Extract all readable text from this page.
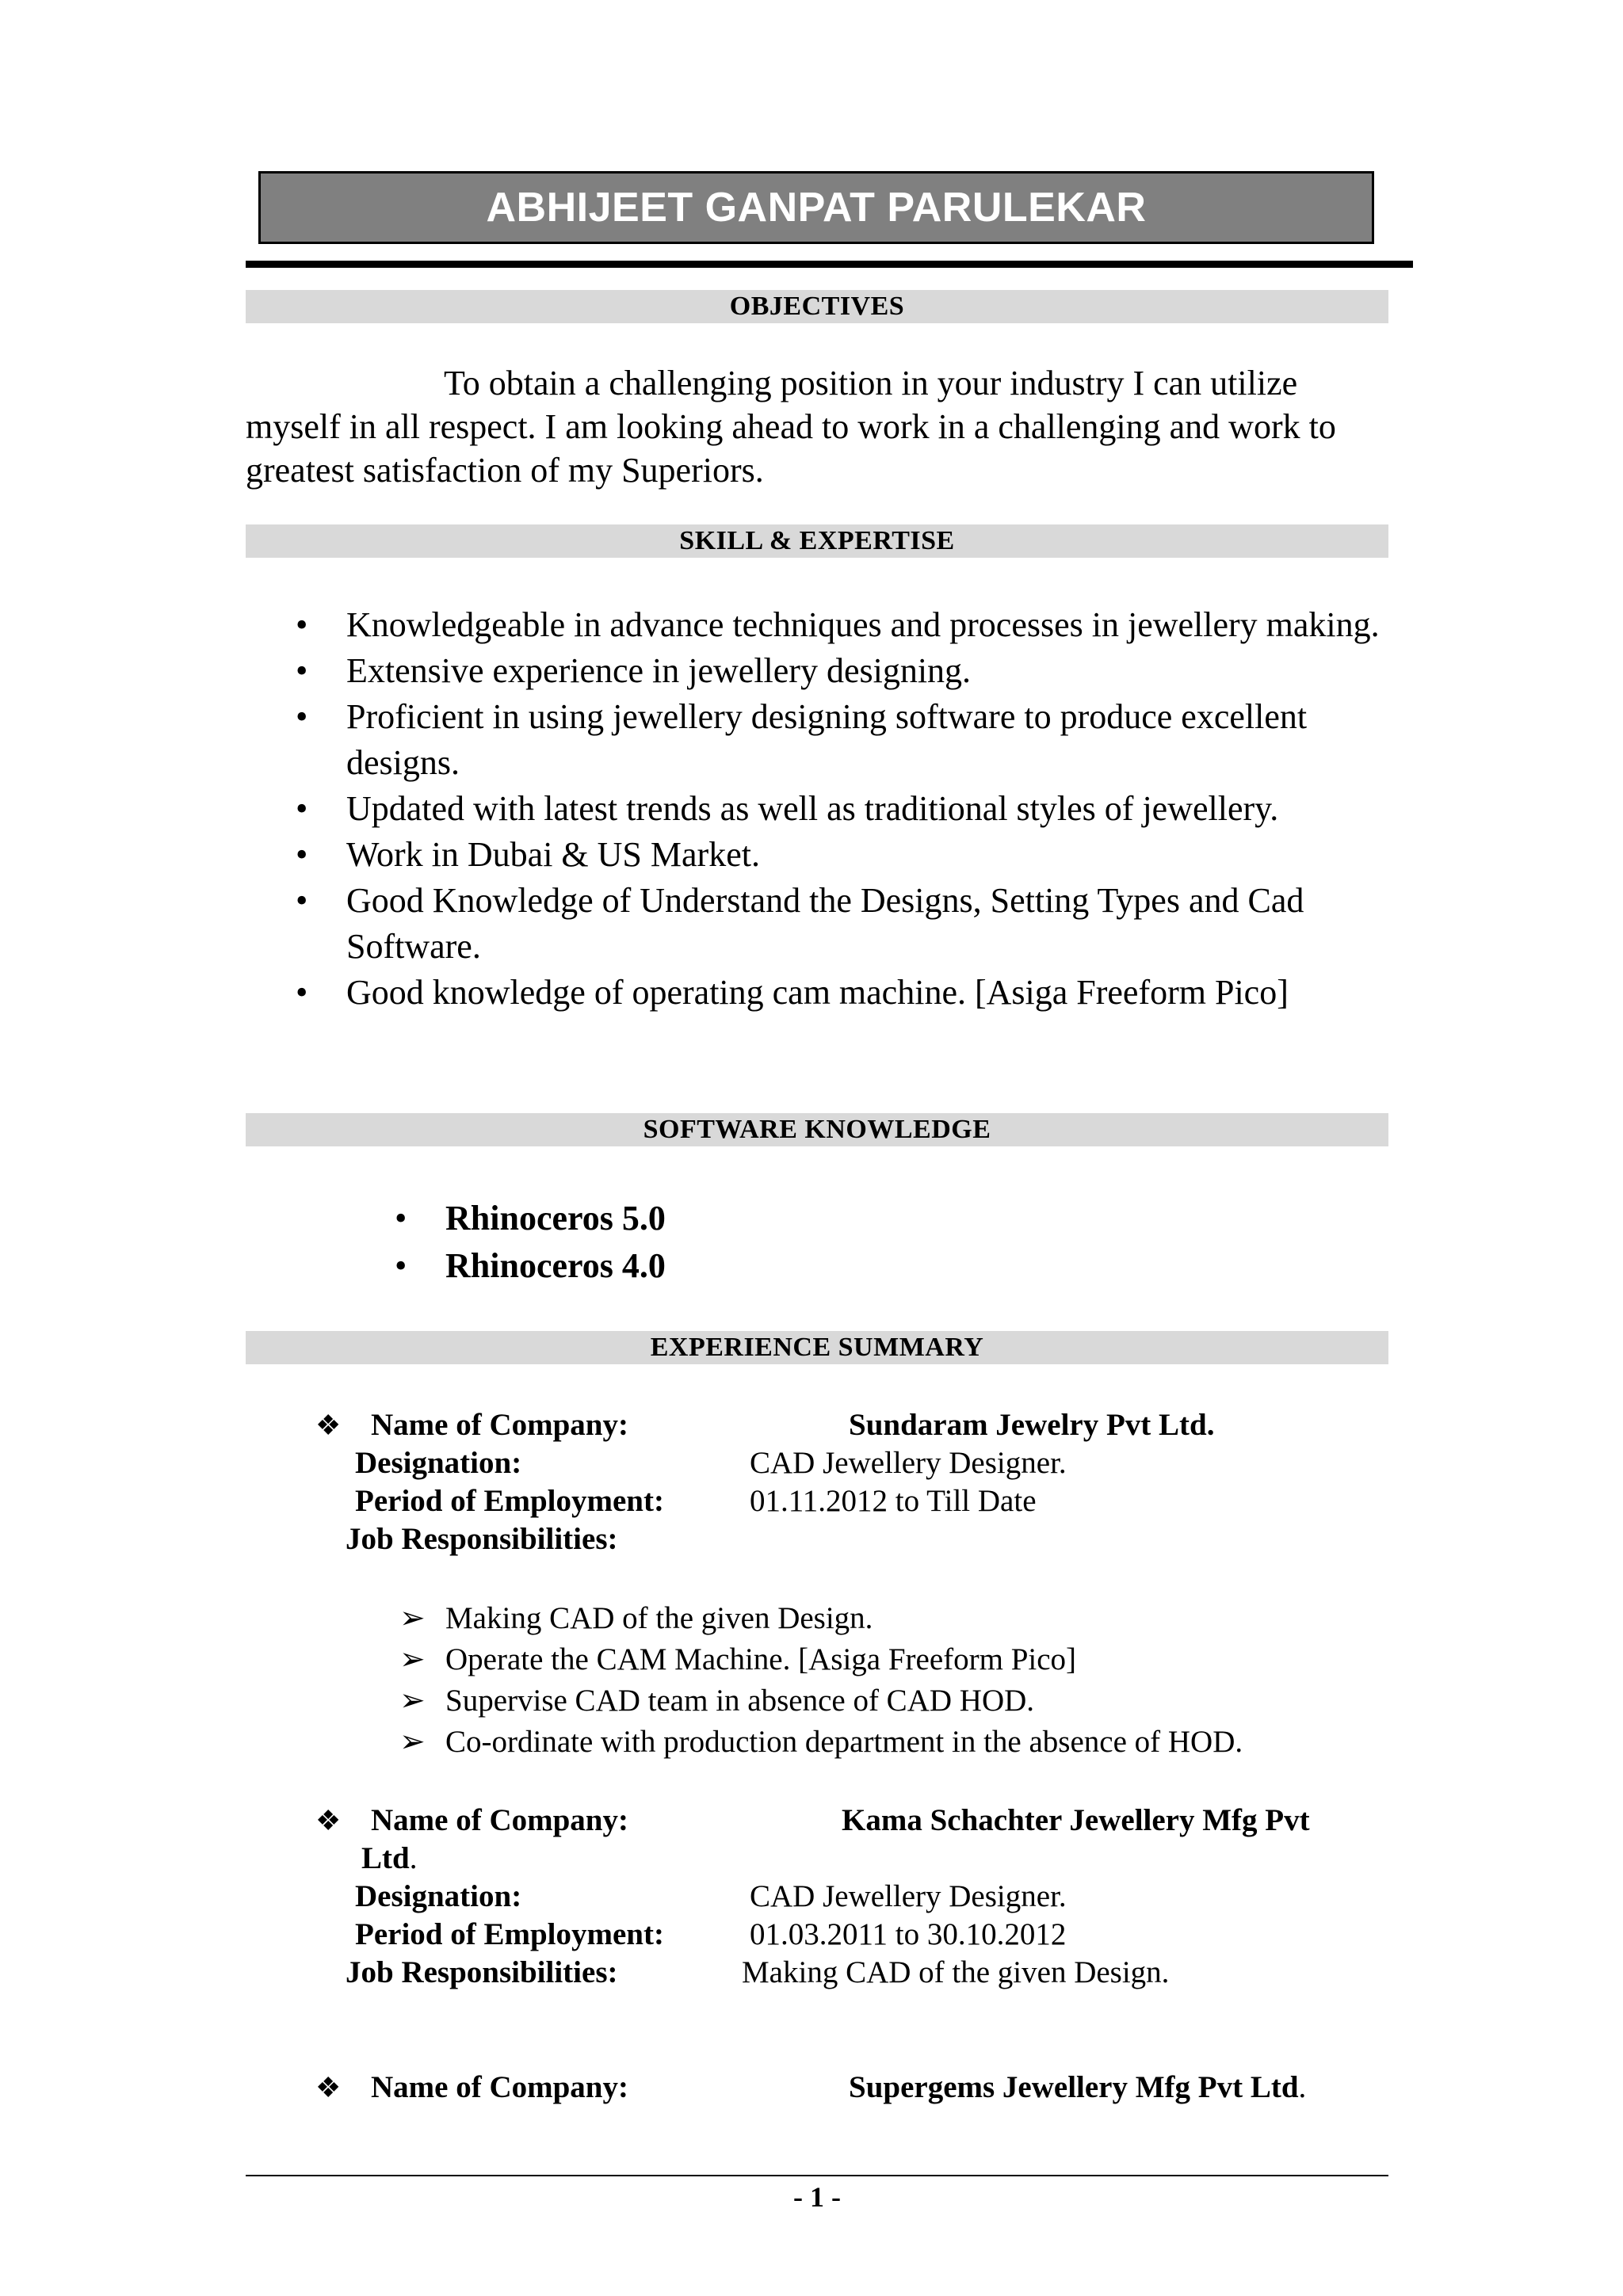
ABHIJEET GANPAT PARULEKAR
OBJECTIVES
To obtain a challenging position in your industry I can utilize myself in all respect. I am looking ahead to work in a challenging and work to greatest satisfaction of my Superiors.
SKILL & EXPERTISE
• Knowledgeable in advance techniques and processes in jewellery making.
• Extensive experience in jewellery designing.
• Proficient in using jewellery designing software to produce excellent designs.
• Updated with latest trends as well as traditional styles of jewellery.
• Work in Dubai & US Market.
• Good Knowledge of Understand the Designs, Setting Types and Cad Software.
• Good knowledge of operating cam machine. [Asiga Freeform Pico]
SOFTWARE KNOWLEDGE
• Rhinoceros 5.0
• Rhinoceros 4.0
EXPERIENCE SUMMARY
❖ Name of Company:	Sundaram Jewelry Pvt Ltd.
Designation:	CAD Jewellery Designer.
Period of Employment:	01.11.2012 to Till Date
Job Responsibilities:
➢ Making CAD of the given Design.
➢ Operate the CAM Machine. [Asiga Freeform Pico]
➢ Supervise CAD team in absence of CAD HOD.
➢ Co-ordinate with production department in the absence of HOD.
❖ Name of Company:	Kama Schachter Jewellery Mfg Pvt
Ltd.
Designation:	CAD Jewellery Designer.
Period of Employment:	01.03.2011 to 30.10.2012
Job Responsibilities:	Making CAD of the given Design.
❖ Name of Company:	Supergems Jewellery Mfg Pvt Ltd.
- 1 -
